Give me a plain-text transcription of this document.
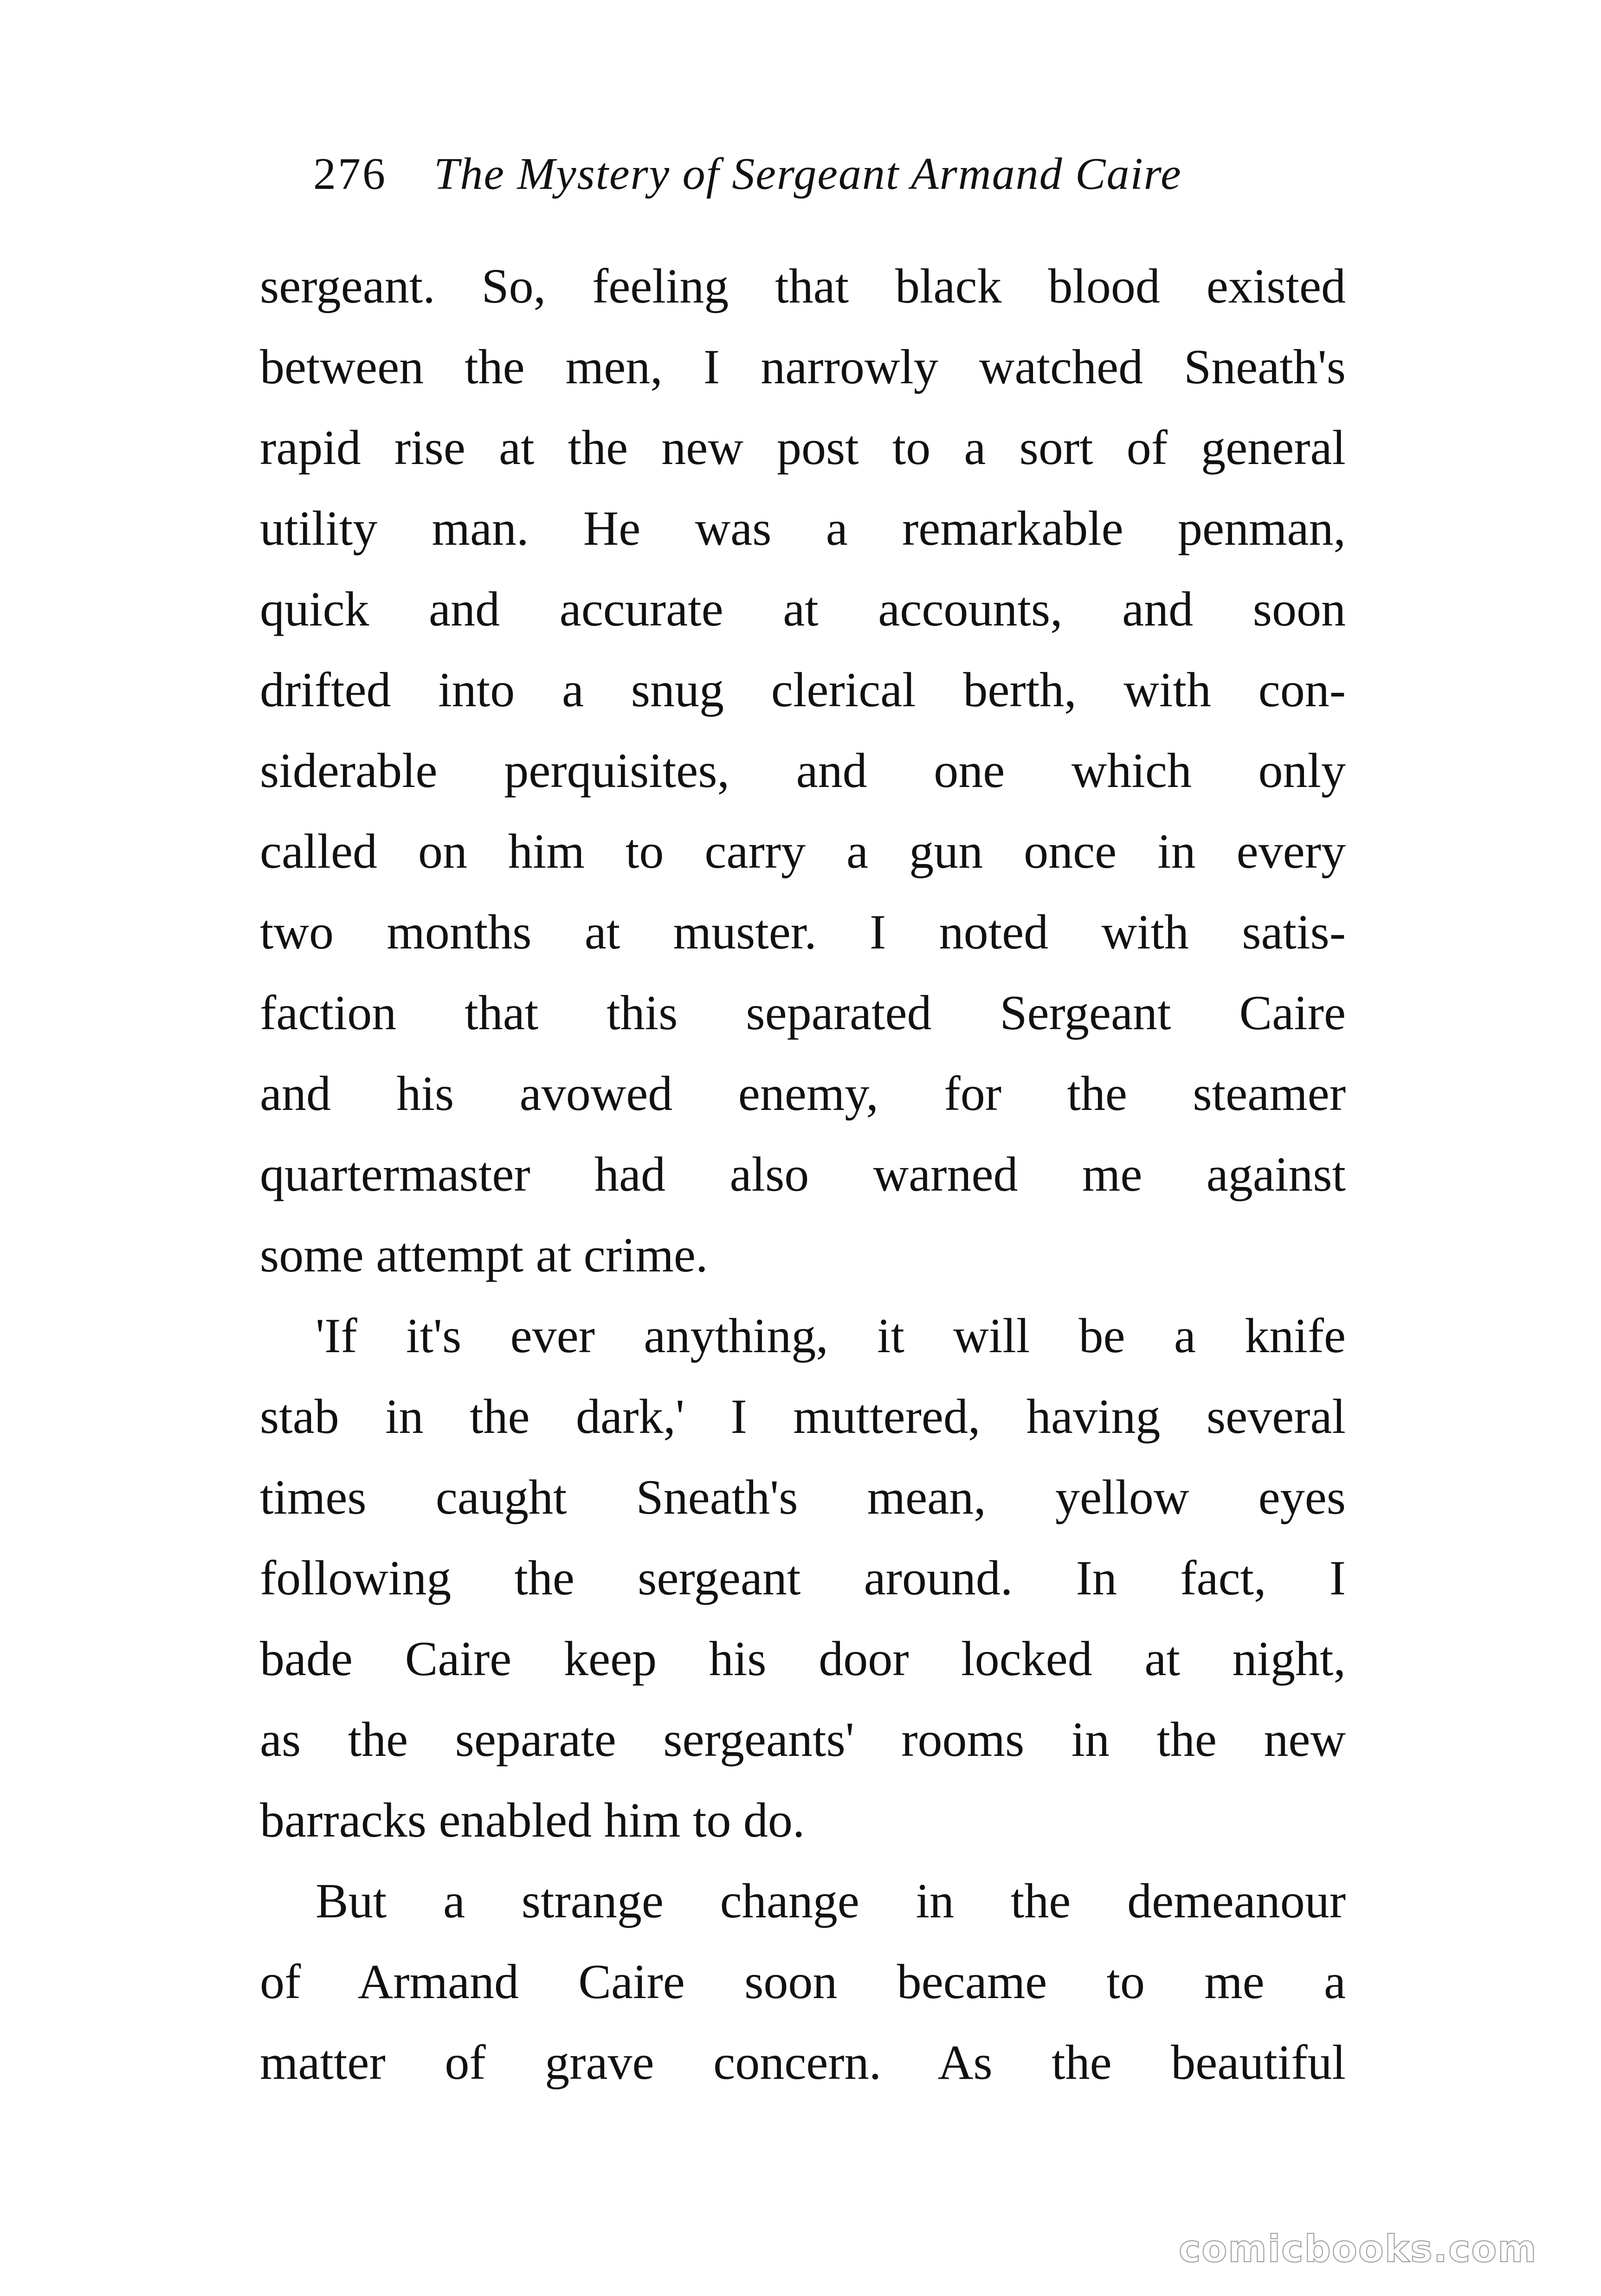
276 The Mystery of Sergeant Armand Caire
sergeant. So, feeling that black blood existed
between the men, I narrowly watched Sneath's
rapid rise at the new post to a sort of general
utility man. He was a remarkable penman,
quick and accurate at accounts, and soon
drifted into a snug clerical berth, with con-
siderable perquisites, and one which only
called on him to carry a gun once in every
two months at muster. I noted with satis-
faction that this separated Sergeant Caire
and his avowed enemy, for the steamer
quartermaster had also warned me against
some attempt at crime.
'If it's ever anything, it will be a knife
stab in the dark,' I muttered, having several
times caught Sneath's mean, yellow eyes
following the sergeant around. In fact, I
bade Caire keep his door locked at night,
as the separate sergeants' rooms in the new
barracks enabled him to do.
But a strange change in the demeanour
of Armand Caire soon became to me a
matter of grave concern. As the beautiful
comicbooks.com
